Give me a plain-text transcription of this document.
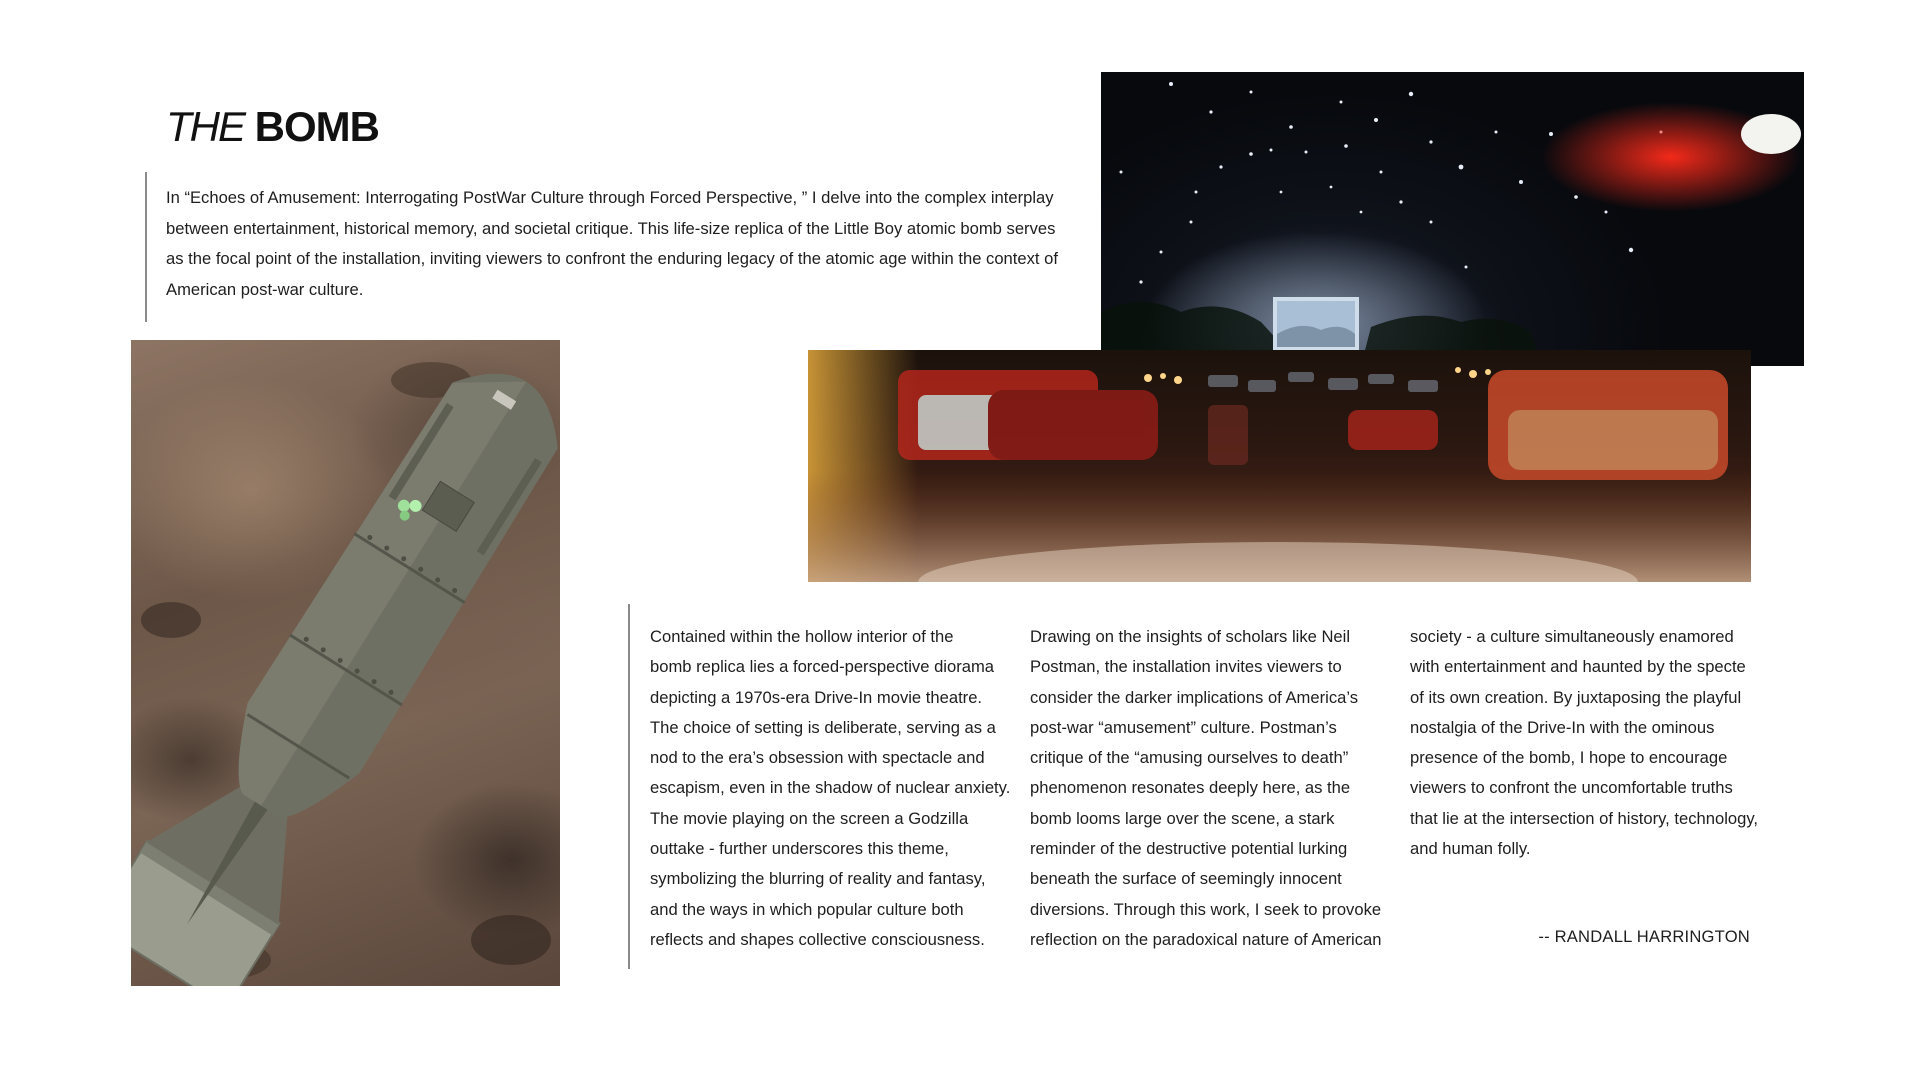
THE BOMB

In “Echoes of Amusement: Interrogating PostWar Culture through Forced Perspective, ” I delve into the complex interplay between entertainment, historical memory, and societal critique. This life-size replica of the Little Boy atomic bomb serves as the focal point of the installation, inviting viewers to confront the enduring legacy of the atomic age within the context of American post-war culture.

Contained within the hollow interior of the
bomb replica lies a forced-perspective diorama
depicting a 1970s-era Drive-In movie theatre.
The choice of setting is deliberate, serving as a
nod to the era’s obsession with spectacle and
escapism, even in the shadow of nuclear anxiety.
The movie playing on the screen a Godzilla
outtake - further underscores this theme,
symbolizing the blurring of reality and fantasy,
and the ways in which popular culture both
reflects and shapes collective consciousness.

Drawing on the insights of scholars like Neil
Postman, the installation invites viewers to
consider the darker implications of America’s
post-war “amusement” culture. Postman’s
critique of the “amusing ourselves to death”
phenomenon resonates deeply here, as the
bomb looms large over the scene, a stark
reminder of the destructive potential lurking
beneath the surface of seemingly innocent
diversions. Through this work, I seek to provoke
reflection on the paradoxical nature of American

society - a culture simultaneously enamored
with entertainment and haunted by the specte
of its own creation. By juxtaposing the playful
nostalgia of the Drive-In with the ominous
presence of the bomb, I hope to encourage
viewers to confront the uncomfortable truths
that lie at the intersection of history, technology,
and human folly.

-- RANDALL HARRINGTON
